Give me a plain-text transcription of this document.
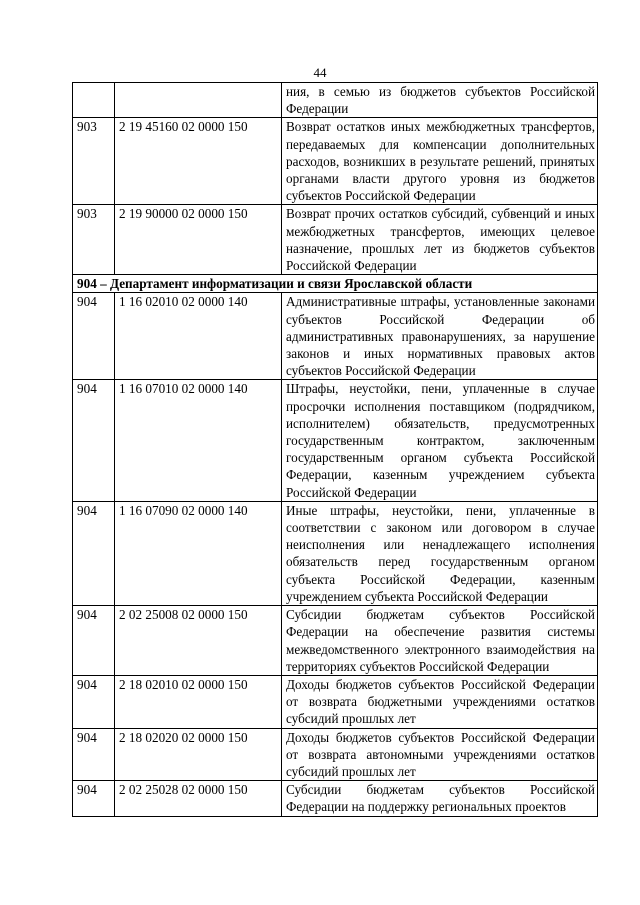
44
		ния, в семью из бюджетов субъектов Российской Федерации
903	2 19 45160 02 0000 150	Возврат остатков иных межбюджетных трансфертов, передаваемых для компенсации дополнительных расходов, возникших в результате решений, принятых органами власти другого уровня из бюджетов субъектов Российской Федерации
903	2 19 90000 02 0000 150	Возврат прочих остатков субсидий, субвенций и иных межбюджетных трансфертов, имеющих целевое назначение, прошлых лет из бюджетов субъектов Российской Федерации
904 – Департамент информатизации и связи Ярославской области		
904	1 16 02010 02 0000 140	Административные штрафы, установленные законами субъектов Российской Федерации об административных правонарушениях, за нарушение законов и иных нормативных правовых актов субъектов Российской Федерации
904	1 16 07010 02 0000 140	Штрафы, неустойки, пени, уплаченные в случае просрочки исполнения поставщиком (подрядчиком, исполнителем) обязательств, предусмотренных государственным контрактом, заключенным государственным органом субъекта Российской Федерации, казенным учреждением субъекта Российской Федерации
904	1 16 07090 02 0000 140	Иные штрафы, неустойки, пени, уплаченные в соответствии с законом или договором в случае неисполнения или ненадлежащего исполнения обязательств перед государственным органом субъекта Российской Федерации, казенным учреждением субъекта Российской Федерации
904	2 02 25008 02 0000 150	Субсидии бюджетам субъектов Российской Федерации на обеспечение развития системы межведомственного электронного взаимодействия на территориях субъектов Российской Федерации
904	2 18 02010 02 0000 150	Доходы бюджетов субъектов Российской Федерации от возврата бюджетными учреждениями остатков субсидий прошлых лет
904	2 18 02020 02 0000 150	Доходы бюджетов субъектов Российской Федерации от возврата автономными учреждениями остатков субсидий прошлых лет
904	2 02 25028 02 0000 150	Субсидии бюджетам субъектов Российской Федерации на поддержку региональных проектов
